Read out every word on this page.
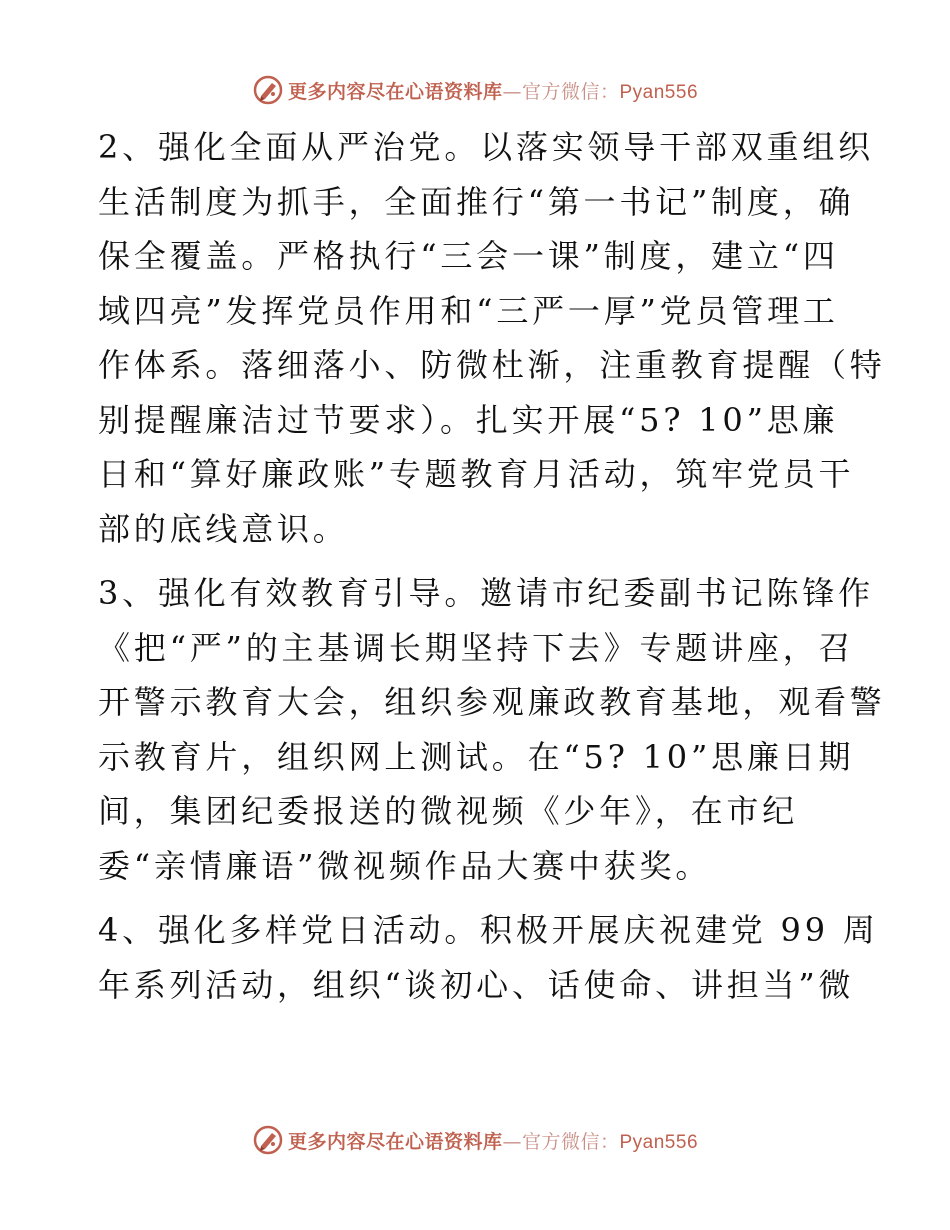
更多内容尽在心语资料库—官方微信：Pyan556

2、强化全面从严治党。以落实领导干部双重组织
生活制度为抓手，全面推行“第一书记”制度，确
保全覆盖。严格执行“三会一课”制度，建立“四
域四亮”发挥党员作用和“三严一厚”党员管理工
作体系。落细落小、防微杜渐，注重教育提醒（特
别提醒廉洁过节要求）。扎实开展“5? 10”思廉
日和“算好廉政账”专题教育月活动，筑牢党员干
部的底线意识。

3、强化有效教育引导。邀请市纪委副书记陈锋作
《把“严”的主基调长期坚持下去》专题讲座，召
开警示教育大会，组织参观廉政教育基地，观看警
示教育片，组织网上测试。在“5? 10”思廉日期
间，集团纪委报送的微视频《少年》，在市纪
委“亲情廉语”微视频作品大赛中获奖。

4、强化多样党日活动。积极开展庆祝建党 99 周
年系列活动，组织“谈初心、话使命、讲担当”微

更多内容尽在心语资料库—官方微信：Pyan556
